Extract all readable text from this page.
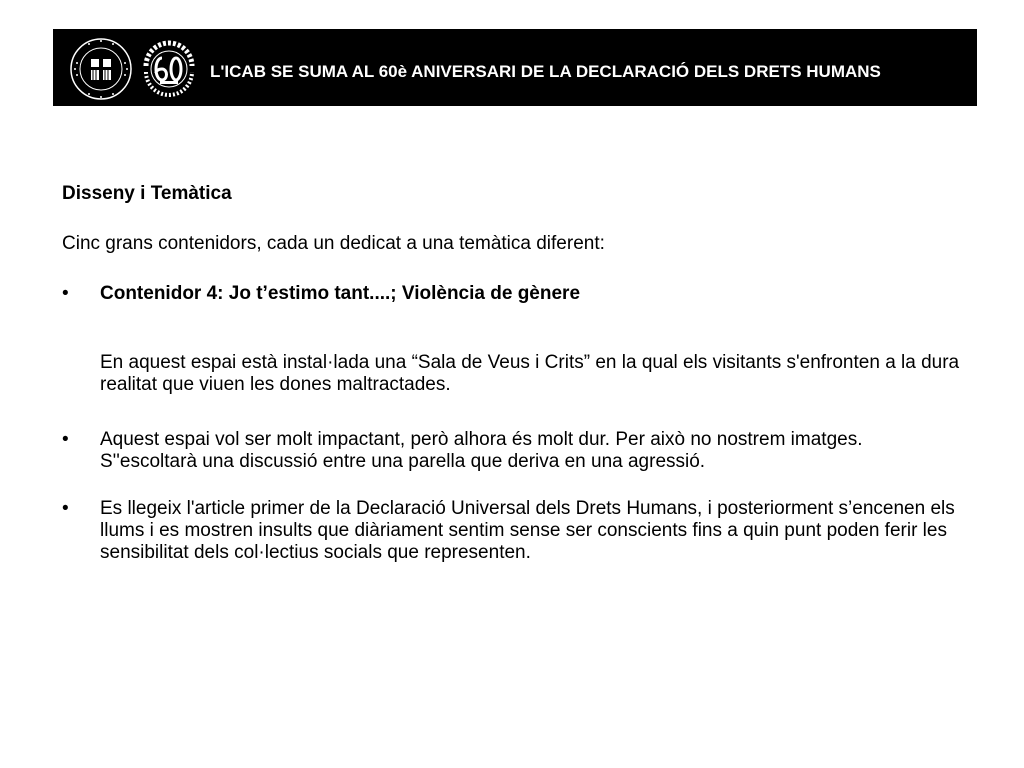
L'ICAB SE SUMA AL 60è ANIVERSARI DE LA DECLARACIÓ DELS DRETS HUMANS
Disseny i Temàtica
Cinc grans contenidors, cada un dedicat a una temàtica diferent:
• Contenidor 4: Jo t’estimo tant....; Violència de gènere
En aquest espai està instal·lada una “Sala de Veus i Crits” en la qual els visitants s'enfronten a la dura realitat que viuen les dones maltractades.
• Aquest espai vol ser molt impactant, però alhora és molt dur. Per això no nostrem imatges. S''escoltarà una discussió entre una parella que deriva en una agressió.
• Es llegeix l'article primer de la Declaració Universal dels Drets Humans, i posteriorment s’encenen els llums i es mostren insults que diàriament sentim sense ser conscients fins a quin punt poden ferir les sensibilitat dels col·lectius socials que representen.
